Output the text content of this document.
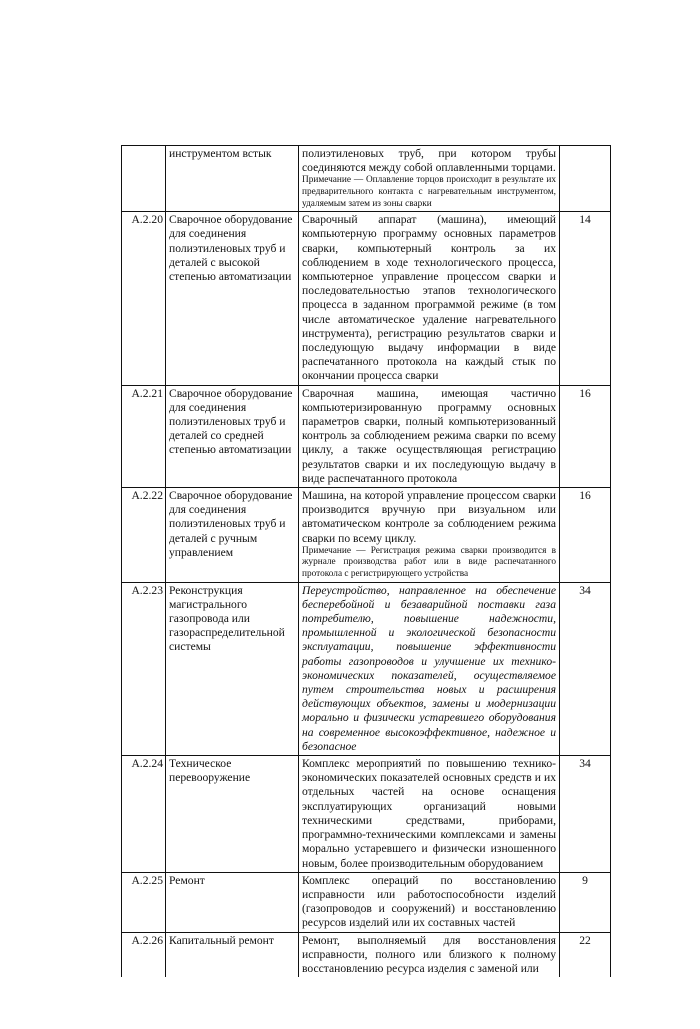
	инструментом встык	полиэтиленовых труб, при котором трубы соединяются между собой оплавленными торцами.
Примечание — Оплавление торцов происходит в результате их предварительного контакта с нагревательным инструментом, удаляемым затем из зоны сварки	

А.2.20	Сварочное оборудование для соединения полиэтиленовых труб и деталей с высокой степенью автоматизации	Сварочный аппарат (машина), имеющий компьютерную программу основных параметров сварки, компьютерный контроль за их соблюдением в ходе технологического процесса, компьютерное управление процессом сварки и последовательностью этапов технологического процесса в заданном программой режиме (в том числе автоматическое удаление нагревательного инструмента), регистрацию результатов сварки и последующую выдачу информации в виде распечатанного протокола на каждый стык по окончании процесса сварки	14
А.2.21	Сварочное оборудование для соединения полиэтиленовых труб и деталей со средней степенью автоматизации	Сварочная машина, имеющая частично компьютеризированную программу основных параметров сварки, полный компьютеризованный контроль за соблюдением режима сварки по всему циклу, а также осуществляющая регистрацию результатов сварки и их последующую выдачу в виде распечатанного протокола	16
А.2.22	Сварочное оборудование для соединения полиэтиленовых труб и деталей с ручным управлением	Машина, на которой управление процессом сварки производится вручную при визуальном или автоматическом контроле за соблюдением режима сварки по всему циклу.
Примечание — Регистрация режима сварки производится в журнале производства работ или в виде распечатанного протокола с регистрирующего устройства	16
А.2.23	Реконструкция магистрального газопровода или газораспределительной системы	Переустройство, направленное на обеспечение бесперебойной и безаварийной поставки газа потребителю, повышение надежности, промышленной и экологической безопасности эксплуатации, повышение эффективности работы газопроводов и улучшение их технико-экономических показателей, осуществляемое путем строительства новых и расширения действующих объектов, замены и модернизации морально и физически устаревшего оборудования на современное высокоэффективное, надежное и безопасное	34
А.2.24	Техническое перевооружение	Комплекс мероприятий по повышению технико-экономических показателей основных средств и их отдельных частей на основе оснащения эксплуатирующих организаций новыми техническими средствами, приборами, программно-техническими комплексами и замены морально устаревшего и физически изношенного новым, более производительным оборудованием	34
А.2.25	Ремонт	Комплекс операций по восстановлению исправности или работоспособности изделий (газопроводов и сооружений) и восстановлению ресурсов изделий или их составных частей	9
А.2.26	Капитальный ремонт	Ремонт, выполняемый для восстановления исправности, полного или близкого к полному восстановлению ресурса изделия с заменой или	22
